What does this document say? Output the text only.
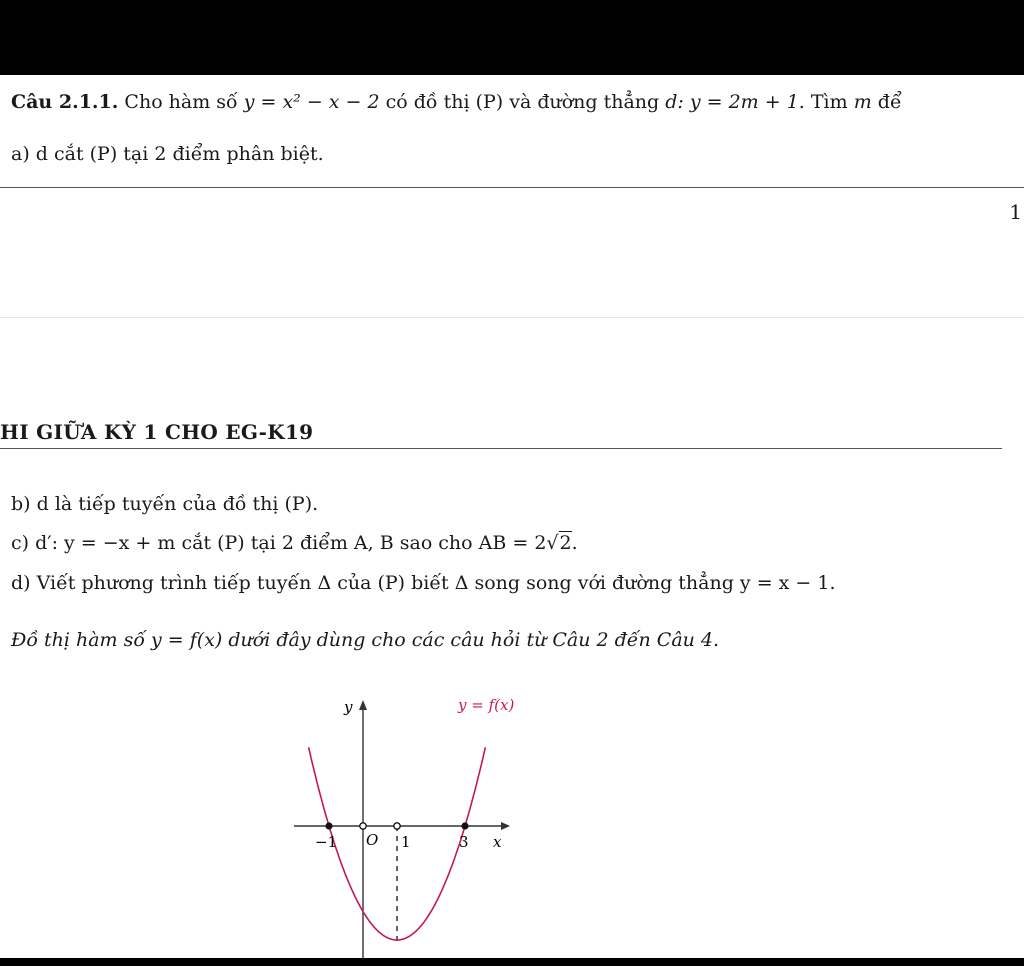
Câu 2.1.1. Cho hàm số y = x² − x − 2 có đồ thị (P) và đường thẳng d: y = 2m + 1. Tìm m để
a) d cắt (P) tại 2 điểm phân biệt.
1
HI GIỮA KỲ 1 CHO EG-K19
b) d là tiếp tuyến của đồ thị (P).
c) d′: y = −x + m cắt (P) tại 2 điểm A, B sao cho AB = 2√2.
d) Viết phương trình tiếp tuyến Δ của (P) biết Δ song song với đường thẳng y = x − 1.
Đồ thị hàm số y = f(x) dưới đây dùng cho các câu hỏi từ Câu 2 đến Câu 4.
y
x
O
y = f(x)
−1	1	3
